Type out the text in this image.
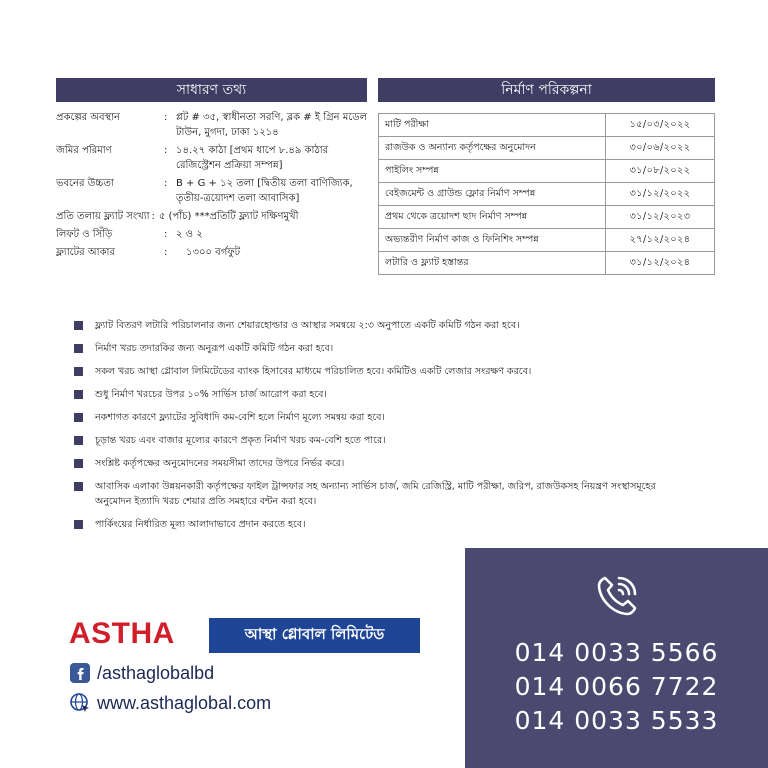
সাধারণ তথ্য
প্রকল্পের অবস্থান	: প্লট # ৩৫, স্বাধীনতা সরণি, ব্লক # ই গ্রিন মডেল টাউন, মুগদা, ঢাকা ১২১৪
জমির পরিমাণ	: ১৪.২৭ কাঠা [প্রথম ধাপে ৮.৪৯ কাঠার রেজিস্ট্রেশন প্রক্রিয়া সম্পন্ন]
ভবনের উচ্চতা	: B + G + ১২ তলা [দ্বিতীয় তলা বাণিজ্যিক, তৃতীয়-ত্রয়োদশ তলা আবাসিক]
প্রতি তলায় ফ্ল্যাট সংখ্যা : ৫ (পাঁচ) ***প্রতিটি ফ্ল্যাট দক্ষিণমুখী
লিফট ও সিঁড়ি	: ২ ও ২
ফ্ল্যাটের আকার	:	১৩০০ বর্গফুট
নির্মাণ পরিকল্পনা
মাটি পরীক্ষা	১৫/০৩/২০২২
রাজউক ও অন্যান্য কর্তৃপক্ষের অনুমোদন	৩০/০৬/২০২২
পাইলিং সম্পন্ন	৩১/০৮/২০২২
বেইজমেন্ট ও গ্রাউন্ড ফ্লোর নির্মাণ সম্পন্ন	৩১/১২/২০২২
প্রথম থেকে ত্রয়োদশ ছাদ নির্মাণ সম্পন্ন	৩১/১২/২০২৩
অভ্যন্তরীণ নির্মাণ কাজ ও ফিনিশিং সম্পন্ন	২৭/১২/২০২৪
লটারি ও ফ্ল্যাট হস্তান্তর	৩১/১২/২০২৪
ফ্ল্যাট বিতরণ লটারি পরিচালনার জন্য শেয়ারহোল্ডার ও আস্থার সমন্বয়ে ২:৩ অনুপাতে একটি কমিটি গঠন করা হবে।
নির্মাণ খরচ তদারকির জন্য অনুরূপ একটি কমিটি গঠন করা হবে।
সকল খরচ আস্থা গ্লোবাল লিমিটেডের ব্যাংক হিসাবের মাধ্যমে পরিচালিত হবে। কমিটিও একটি লেজার সংরক্ষণ করবে।
শুধু নির্মাণ খরচের উপর ১০% সার্ভিস চার্জ আরোপ করা হবে।
নকশাগত কারণে ফ্ল্যাটের সুবিধাদি কম-বেশি হলে নির্মাণ মূল্যে সমন্বয় করা হবে।
চূড়ান্ত খরচ এবং বাজার মূল্যের কারণে প্রকৃত নির্মাণ খরচ কম-বেশি হতে পারে।
সংশ্লিষ্ট কর্তৃপক্ষের অনুমোদনের সময়সীমা তাদের উপরে নির্ভর করে।
আবাসিক এলাকা উন্নয়নকারী কর্তৃপক্ষের ফাইল ট্রান্সফার সহ অন্যান্য সার্ভিস চার্জ, জমি রেজিস্ট্রি, মাটি পরীক্ষা, জরিপ, রাজউকসহ নিয়ন্ত্রণ সংস্থাসমূহের অনুমোদন ইত্যাদি খরচ শেয়ার প্রতি সমহারে বন্টন করা হবে।
পার্কিংয়ের নির্ধারিত মূল্য আলাদাভাবে প্রদান করতে হবে।
ASTHA	আস্থা গ্লোবাল লিমিটেড
/asthaglobalbd
www.asthaglobal.com
014 0033 5566
014 0066 7722
014 0033 5533
